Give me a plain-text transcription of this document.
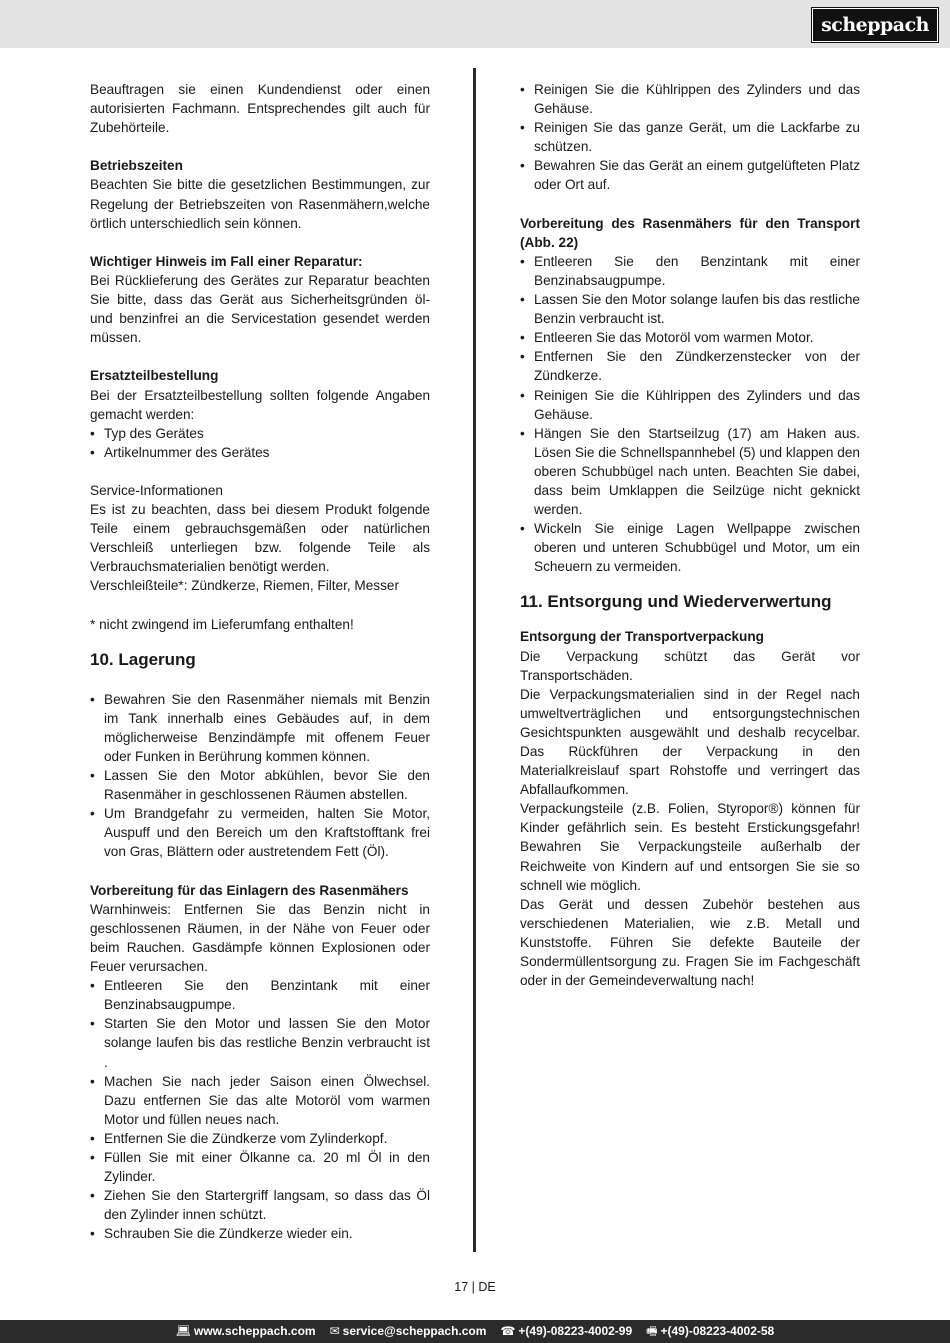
scheppach

Beauftragen sie einen Kundendienst oder einen autorisierten Fachmann. Entsprechendes gilt auch für Zubehörteile.

Betriebszeiten

Beachten Sie bitte die gesetzlichen Bestimmungen, zur Regelung der Betriebszeiten von Rasenmähern,welche örtlich unterschiedlich sein können.

Wichtiger Hinweis im Fall einer Reparatur:

Bei Rücklieferung des Gerätes zur Reparatur beachten Sie bitte, dass das Gerät aus Sicherheitsgründen öl- und benzinfrei an die Servicestation gesendet werden müssen.

Ersatzteilbestellung

Bei der Ersatzteilbestellung sollten folgende Angaben gemacht werden:

• Typ des Gerätes
• Artikelnummer des Gerätes

Service-Informationen

Es ist zu beachten, dass bei diesem Produkt folgende Teile einem gebrauchsgemäßen oder natürlichen Verschleiß unterliegen bzw. folgende Teile als Verbrauchsmaterialien benötigt werden.

Verschleißteile*: Zündkerze, Riemen, Filter, Messer

* nicht zwingend im Lieferumfang enthalten!

10. Lagerung
• Bewahren Sie den Rasenmäher niemals mit Benzin im Tank innerhalb eines Gebäudes auf, in dem möglicherweise Benzindämpfe mit offenem Feuer oder Funken in Berührung kommen können.
• Lassen Sie den Motor abkühlen, bevor Sie den Rasenmäher in geschlossenen Räumen abstellen.
• Um Brandgefahr zu vermeiden, halten Sie Motor, Auspuff und den Bereich um den Kraftstofftank frei von Gras, Blättern oder austretendem Fett (Öl).
Vorbereitung für das Einlagern des Rasenmähers

Warnhinweis: Entfernen Sie das Benzin nicht in geschlossenen Räumen, in der Nähe von Feuer oder beim Rauchen. Gasdämpfe können Explosionen oder Feuer verursachen.

• Entleeren Sie den Benzintank mit einer Benzinabsaugpumpe.
• Starten Sie den Motor und lassen Sie den Motor solange laufen bis das restliche Benzin verbraucht ist .
• Machen Sie nach jeder Saison einen Ölwechsel. Dazu entfernen Sie das alte Motoröl vom warmen Motor und füllen neues nach.
• Entfernen Sie die Zündkerze vom Zylinderkopf.
• Füllen Sie mit einer Ölkanne ca. 20 ml Öl in den Zylinder.
• Ziehen Sie den Startergriff langsam, so dass das Öl den Zylinder innen schützt.
• Schrauben Sie die Zündkerze wieder ein.
• Reinigen Sie die Kühlrippen des Zylinders und das Gehäuse.
• Reinigen Sie das ganze Gerät, um die Lackfarbe zu schützen.
• Bewahren Sie das Gerät an einem gutgelüfteten Platz oder Ort auf.

Vorbereitung des Rasenmähers für den Transport (Abb. 22)

• Entleeren Sie den Benzintank mit einer Benzinabsaugpumpe.
• Lassen Sie den Motor solange laufen bis das restliche Benzin verbraucht ist.
• Entleeren Sie das Motoröl vom warmen Motor.
• Entfernen Sie den Zündkerzenstecker von der Zündkerze.
• Reinigen Sie die Kühlrippen des Zylinders und das Gehäuse.
• Hängen Sie den Startseilzug (17) am Haken aus. Lösen Sie die Schnellspannhebel (5) und klappen den oberen Schubbügel nach unten. Beachten Sie dabei, dass beim Umklappen die Seilzüge nicht geknickt werden.
• Wickeln Sie einige Lagen Wellpappe zwischen oberen und unteren Schubbügel und Motor, um ein Scheuern zu vermeiden.
11. Entsorgung und Wiederverwertung
Entsorgung der Transportverpackung

Die Verpackung schützt das Gerät vor Transportschäden.

Die Verpackungsmaterialien sind in der Regel nach umweltverträglichen und entsorgungstechnischen Gesichtspunkten ausgewählt und deshalb recycelbar. Das Rückführen der Verpackung in den Materialkreislauf spart Rohstoffe und verringert das Abfallaufkommen.

Verpackungsteile (z.B. Folien, Styropor®) können für Kinder gefährlich sein. Es besteht Erstickungsgefahr! Bewahren Sie Verpackungsteile außerhalb der Reichweite von Kindern auf und entsorgen Sie sie so schnell wie möglich.

Das Gerät und dessen Zubehör bestehen aus verschiedenen Materialien, wie z.B. Metall und Kunststoffe. Führen Sie defekte Bauteile der Sondermüllentsorgung zu. Fragen Sie im Fachgeschäft oder in der Gemeindeverwaltung nach!

17 | DE
💻︎ www.scheppach.com ✉︎ service@scheppach.com ☎ +(49)-08223-4002-99 🖷︎ +(49)-08223-4002-58
